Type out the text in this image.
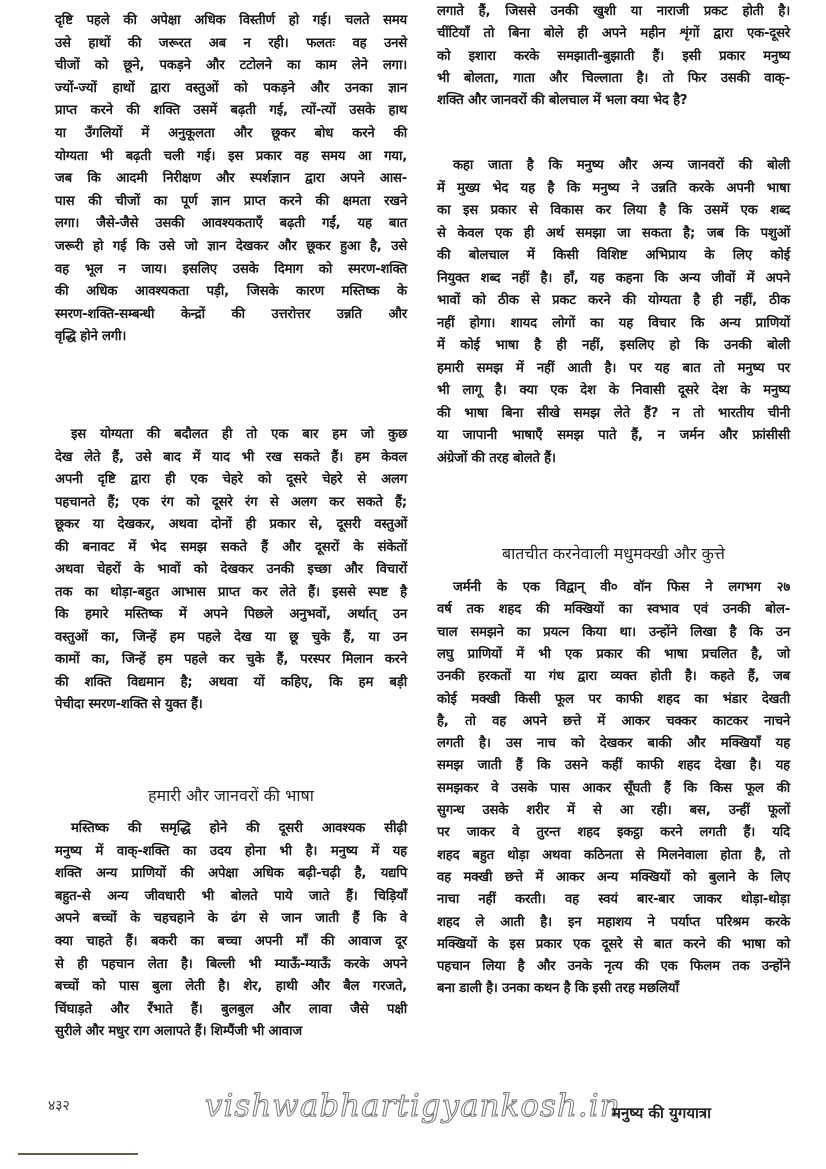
दृष्टि पहले की अपेक्षा अधिक विस्तीर्ण हो गई। चलते समय
उसे हाथों की जरूरत अब न रही। फलतः वह उनसे
चीजों को छूने, पकड़ने और टटोलने का काम लेने लगा।
ज्यों-ज्यों हाथों द्वारा वस्तुओं को पकड़ने और उनका ज्ञान
प्राप्त करने की शक्ति उसमें बढ़ती गई, त्यों-त्यों उसके हाथ
या उँगलियों में अनुकूलता और छूकर बोध करने की
योग्यता भी बढ़ती चली गई। इस प्रकार वह समय आ गया,
जब कि आदमी निरीक्षण और स्पर्शज्ञान द्वारा अपने आस-
पास की चीजों का पूर्ण ज्ञान प्राप्त करने की क्षमता रखने
लगा। जैसे-जैसे उसकी आवश्यकताएँ बढ़ती गईं, यह बात
जरूरी हो गई कि उसे जो ज्ञान देखकर और छूकर हुआ है, उसे
वह भूल न जाय। इसलिए उसके दिमाग को स्मरण-शक्ति
की अधिक आवश्यकता पड़ी, जिसके कारण मस्तिष्क के
स्मरण-शक्ति-सम्बन्धी केन्द्रों की उत्तरोत्तर उन्नति और
वृद्धि होने लगी।
इस योग्यता की बदौलत ही तो एक बार हम जो कुछ
देख लेते हैं, उसे बाद में याद भी रख सकते हैं। हम केवल
अपनी दृष्टि द्वारा ही एक चेहरे को दूसरे चेहरे से अलग
पहचानते हैं; एक रंग को दूसरे रंग से अलग कर सकते हैं;
छूकर या देखकर, अथवा दोनों ही प्रकार से, दूसरी वस्तुओं
की बनावट में भेद समझ सकते हैं और दूसरों के संकेतों
अथवा चेहरों के भावों को देखकर उनकी इच्छा और विचारों
तक का थोड़ा-बहुत आभास प्राप्त कर लेते हैं। इससे स्पष्ट है
कि हमारे मस्तिष्क में अपने पिछले अनुभवों, अर्थात् उन
वस्तुओं का, जिन्हें हम पहले देख या छू चुके हैं, या उन
कामों का, जिन्हें हम पहले कर चुके हैं, परस्पर मिलान करने
की शक्ति विद्यमान है; अथवा यों कहिए, कि हम बड़ी
पेचीदा स्मरण-शक्ति से युक्त हैं।
हमारी और जानवरों की भाषा
मस्तिष्क की समृद्धि होने की दूसरी आवश्यक सीढ़ी
मनुष्य में वाक्-शक्ति का उदय होना भी है। मनुष्य में यह
शक्ति अन्य प्राणियों की अपेक्षा अधिक बढ़ी-चढ़ी है, यद्यपि
बहुत-से अन्य जीवधारी भी बोलते पाये जाते हैं। चिड़ियाँ
अपने बच्चों के चहचहाने के ढंग से जान जाती हैं कि वे
क्या चाहते हैं। बकरी का बच्चा अपनी माँ की आवाज दूर
से ही पहचान लेता है। बिल्ली भी म्याऊँ-म्याऊँ करके अपने
बच्चों को पास बुला लेती है। शेर, हाथी और बैल गरजते,
चिंघाड़ते और रँभाते हैं। बुलबुल और लावा जैसे पक्षी
सुरीले और मधुर राग अलापते हैं। शिम्पैंजी भी आवाज
लगाते हैं, जिससे उनकी खुशी या नाराजी प्रकट होती है।
चींटियाँ तो बिना बोले ही अपने महीन शृंगों द्वारा एक-दूसरे
को इशारा करके समझाती-बुझाती हैं। इसी प्रकार मनुष्य
भी बोलता, गाता और चिल्लाता है। तो फिर उसकी वाक्-
शक्ति और जानवरों की बोलचाल में भला क्या भेद है?
कहा जाता है कि मनुष्य और अन्य जानवरों की बोली
में मुख्य भेद यह है कि मनुष्य ने उन्नति करके अपनी भाषा
का इस प्रकार से विकास कर लिया है कि उसमें एक शब्द
से केवल एक ही अर्थ समझा जा सकता है; जब कि पशुओं
की बोलचाल में किसी विशिष्ट अभिप्राय के लिए कोई
नियुक्त शब्द नहीं है। हाँ, यह कहना कि अन्य जीवों में अपने
भावों को ठीक से प्रकट करने की योग्यता है ही नहीं, ठीक
नहीं होगा। शायद लोगों का यह विचार कि अन्य प्राणियों
में कोई भाषा है ही नहीं, इसलिए हो कि उनकी बोली
हमारी समझ में नहीं आती है। पर यह बात तो मनुष्य पर
भी लागू है। क्या एक देश के निवासी दूसरे देश के मनुष्य
की भाषा बिना सीखे समझ लेते हैं? न तो भारतीय चीनी
या जापानी भाषाएँ समझ पाते हैं, न जर्मन और फ्रांसीसी
अंग्रेजों की तरह बोलते हैं।
बातचीत करनेवाली मधुमक्खी और कुत्ते
जर्मनी के एक विद्वान् वी० वॉन फिस ने लगभग २७
वर्ष तक शहद की मक्खियों का स्वभाव एवं उनकी बोल-
चाल समझने का प्रयत्न किया था। उन्होंने लिखा है कि उन
लघु प्राणियों में भी एक प्रकार की भाषा प्रचलित है, जो
उनकी हरकतों या गंध द्वारा व्यक्त होती है। कहते हैं, जब
कोई मक्खी किसी फूल पर काफी शहद का भंडार देखती
है, तो वह अपने छत्ते में आकर चक्कर काटकर नाचने
लगती है। उस नाच को देखकर बाकी और मक्खियाँ यह
समझ जाती हैं कि उसने कहीं काफी शहद देखा है। यह
समझकर वे उसके पास आकर सूँघती हैं कि किस फूल की
सुगन्ध उसके शरीर में से आ रही। बस, उन्हीं फूलों
पर जाकर वे तुरन्त शहद इकट्ठा करने लगती हैं। यदि
शहद बहुत थोड़ा अथवा कठिनता से मिलनेवाला होता है, तो
वह मक्खी छत्ते में आकर अन्य मक्खियों को बुलाने के लिए
नाचा नहीं करती। वह स्वयं बार-बार जाकर थोड़ा-थोड़ा
शहद ले आती है। इन महाशय ने पर्याप्त परिश्रम करके
मक्खियों के इस प्रकार एक दूसरे से बात करने की भाषा को
पहचान लिया है और उनके नृत्य की एक फिलम तक उन्होंने
बना डाली है। उनका कथन है कि इसी तरह मछलियाँ
४३२	vishwabhartigyankosh.in
मनुष्य की युगयात्रा
